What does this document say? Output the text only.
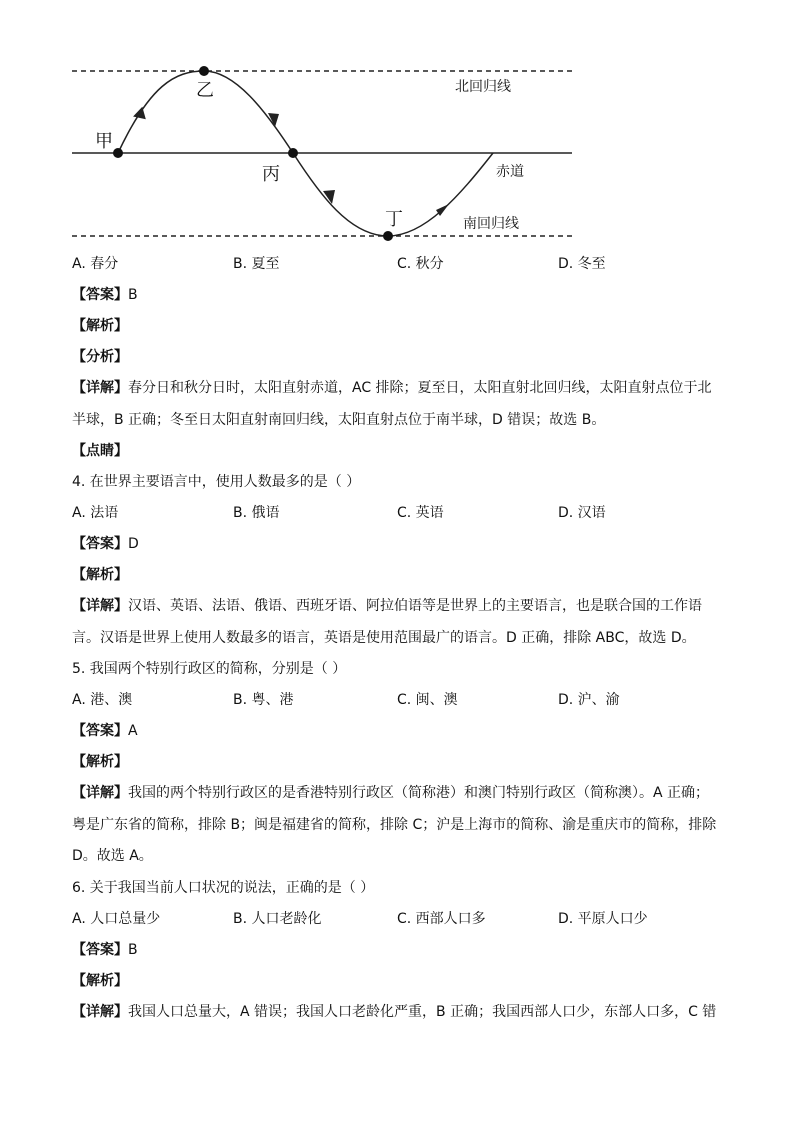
甲
乙
丙
丁
北回归线
赤道
南回归线
A. 春分	B. 夏至	C. 秋分	D. 冬至
【答案】B
【解析】
【分析】
【详解】春分日和秋分日时，太阳直射赤道，AC 排除；夏至日，太阳直射北回归线，太阳直射点位于北
半球，B 正确；冬至日太阳直射南回归线，太阳直射点位于南半球，D 错误；故选 B。
【点睛】
4. 在世界主要语言中，使用人数最多的是（ ）
A. 法语	B. 俄语	C. 英语	D. 汉语
【答案】D
【解析】
【详解】汉语、英语、法语、俄语、西班牙语、阿拉伯语等是世界上的主要语言，也是联合国的工作语
言。汉语是世界上使用人数最多的语言，英语是使用范围最广的语言。D 正确，排除 ABC，故选 D。
5. 我国两个特别行政区的简称，分别是（ ）
A. 港、澳	B. 粤、港	C. 闽、澳	D. 沪、渝
【答案】A
【解析】
【详解】我国的两个特别行政区的是香港特别行政区（简称港）和澳门特别行政区（简称澳）。A 正确；
粤是广东省的简称，排除 B；闽是福建省的简称，排除 C；沪是上海市的简称、渝是重庆市的简称，排除
D。故选 A。
6. 关于我国当前人口状况的说法，正确的是（ ）
A. 人口总量少	B. 人口老龄化	C. 西部人口多	D. 平原人口少
【答案】B
【解析】
【详解】我国人口总量大，A 错误；我国人口老龄化严重，B 正确；我国西部人口少，东部人口多，C 错
